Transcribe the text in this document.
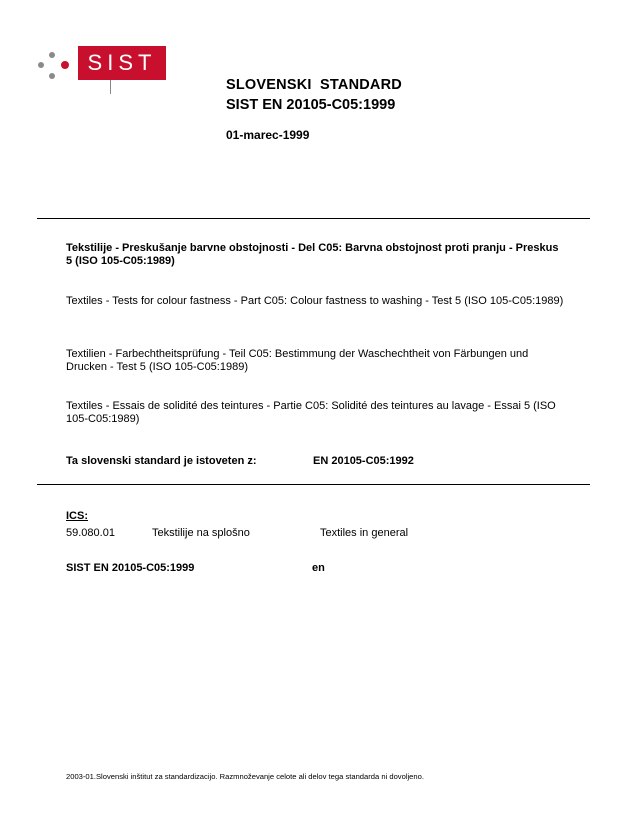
SIST
SLOVENSKI  STANDARD
SIST EN 20105-C05:1999
01-marec-1999
Tekstilije - Preskušanje barvne obstojnosti - Del C05: Barvna obstojnost proti pranju - Preskus 5 (ISO 105-C05:1989)
Textiles - Tests for colour fastness - Part C05: Colour fastness to washing - Test 5 (ISO 105-C05:1989)
Textilien - Farbechtheitsprüfung - Teil C05: Bestimmung der Waschechtheit von Färbungen und Drucken - Test 5 (ISO 105-C05:1989)
Textiles - Essais de solidité des teintures - Partie C05: Solidité des teintures au lavage - Essai 5 (ISO 105-C05:1989)
Ta slovenski standard je istoveten z:	EN 20105-C05:1992
ICS:
59.080.01	Tekstilije na splošno	Textiles in general
SIST EN 20105-C05:1999	en
2003-01.Slovenski inštitut za standardizacijo. Razmnoževanje celote ali delov tega standarda ni dovoljeno.
